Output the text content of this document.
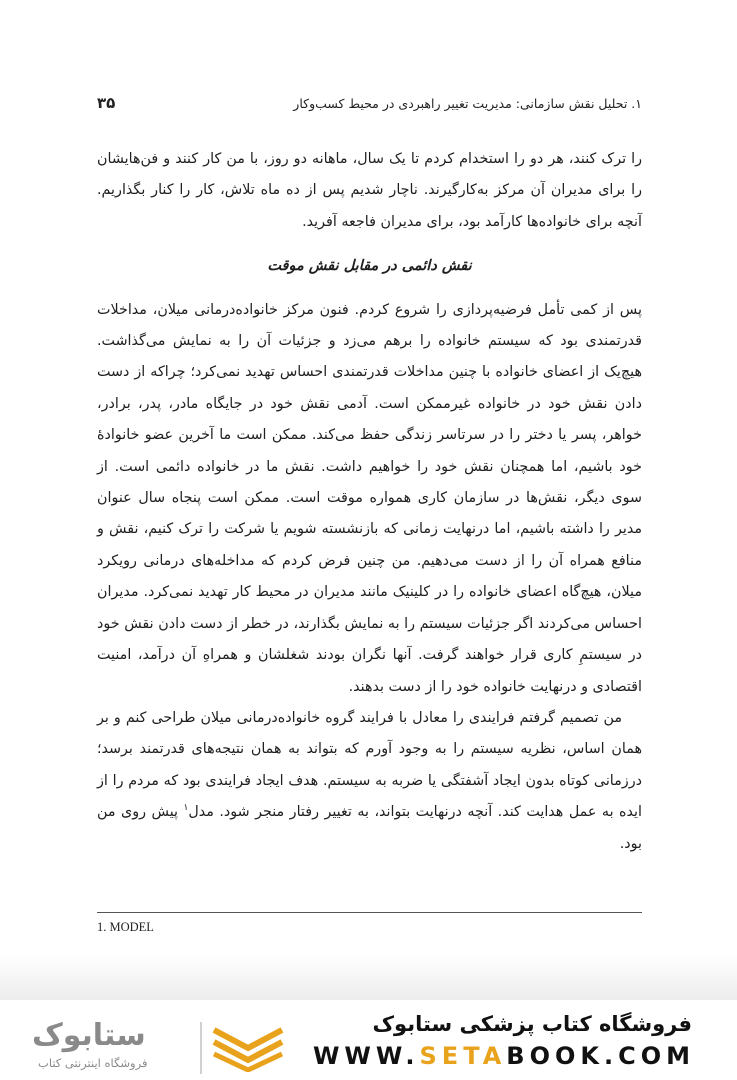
۱. تحلیل نقش سازمانی: مدیریت تغییر راهبردی در محیط کسب‌وکار
۳۵

را ترک کنند، هر دو را استخدام کردم تا یک سال، ماهانه دو روز، با من کار کنند و فن‌هایشان را برای مدیران آن مرکز به‌کارگیرند. ناچار شدیم پس از ده ماه تلاش، کار را کنار بگذاریم. آنچه برای خانواده‌ها کارآمد بود، برای مدیران فاجعه آفرید.

نقش دائمی در مقابل نقش موقت

پس از کمی تأمل فرضیه‌پردازی را شروع کردم. فنون مرکز خانواده‌درمانی میلان، مداخلات قدرتمندی بود که سیستم خانواده را برهم می‌زد و جزئیات آن را به نمایش می‌گذاشت. هیچ‌یک از اعضای خانواده با چنین مداخلات قدرتمندی احساس تهدید نمی‌کرد؛ چراکه از دست دادن نقش خود در خانواده غیرممکن است. آدمی نقش خود در جایگاه مادر، پدر، برادر، خواهر، پسر یا دختر را در سرتاسر زندگی حفظ می‌کند. ممکن است ما آخرین عضو خانوادهٔ خود باشیم، اما همچنان نقش خود را خواهیم داشت. نقش ما در خانواده دائمی است. از سوی دیگر، نقش‌ها در سازمان کاری همواره موقت است. ممکن است پنجاه سال عنوان مدیر را داشته باشیم، اما درنهایت زمانی که بازنشسته شویم یا شرکت را ترک کنیم، نقش و منافع همراه آن را از دست می‌دهیم. من چنین فرض کردم که مداخله‌های درمانی رویکرد میلان، هیچ‌گاه اعضای خانواده را در کلینیک مانند مدیران در محیط کار تهدید نمی‌کرد. مدیران احساس می‌کردند اگر جزئیات سیستم را به نمایش بگذارند، در خطر از دست دادن نقش خود در سیستمِ کاری قرار خواهند گرفت. آنها نگران بودند شغلشان و همراهِ آن درآمد، امنیت اقتصادی و درنهایت خانواده خود را از دست بدهند.

من تصمیم گرفتم فرایندی را معادل با فرایند گروه خانواده‌درمانی میلان طراحی کنم و بر همان اساس، نظریه سیستم را به وجود آورم که بتواند به همان نتیجه‌های قدرتمند برسد؛ درزمانی کوتاه بدون ایجاد آشفتگی یا ضربه به سیستم. هدف ایجاد فرایندی بود که مردم را از ایده به عمل هدایت کند. آنچه درنهایت بتواند، به تغییر رفتار منجر شود. مدل$^۱$ پیش روی من بود.

1. MODEL
فروشگاه کتاب پزشکی ستابوک
WWW.SETABOOK.COM
ستابوک
فروشگاه اینترنتی کتاب
